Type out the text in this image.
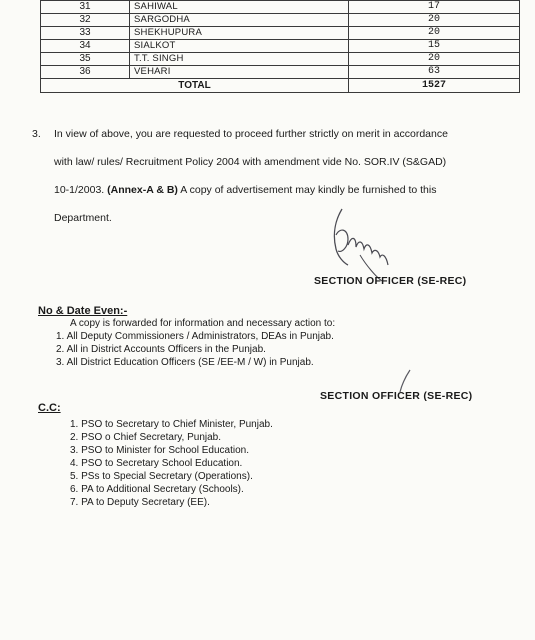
31	SAHIWAL	17
32	SARGODHA	20
33	SHEKHUPURA	20
34	SIALKOT	15
35	T.T. SINGH	20
36	VEHARI	63
TOTAL		1527
3. In view of above, you are requested to proceed further strictly on merit in accordance
with law/ rules/ Recruitment Policy 2004 with amendment vide No. SOR.IV (S&GAD)
10-1/2003. (Annex-A & B) A copy of advertisement may kindly be furnished to this
Department.
SECTION OFFICER (SE-REC)
No & Date Even:-
A copy is forwarded for information and necessary action to:
1. All Deputy Commissioners / Administrators, DEAs in Punjab.
2. All in District Accounts Officers in the Punjab.
3. All District Education Officers (SE /EE-M / W) in Punjab.
SECTION OFFICER (SE-REC)
C.C:
1. PSO to Secretary to Chief Minister, Punjab.
2. PSO o Chief Secretary, Punjab.
3. PSO to Minister for School Education.
4. PSO to Secretary School Education.
5. PSs to Special Secretary (Operations).
6. PA to Additional Secretary (Schools).
7. PA to Deputy Secretary (EE).
